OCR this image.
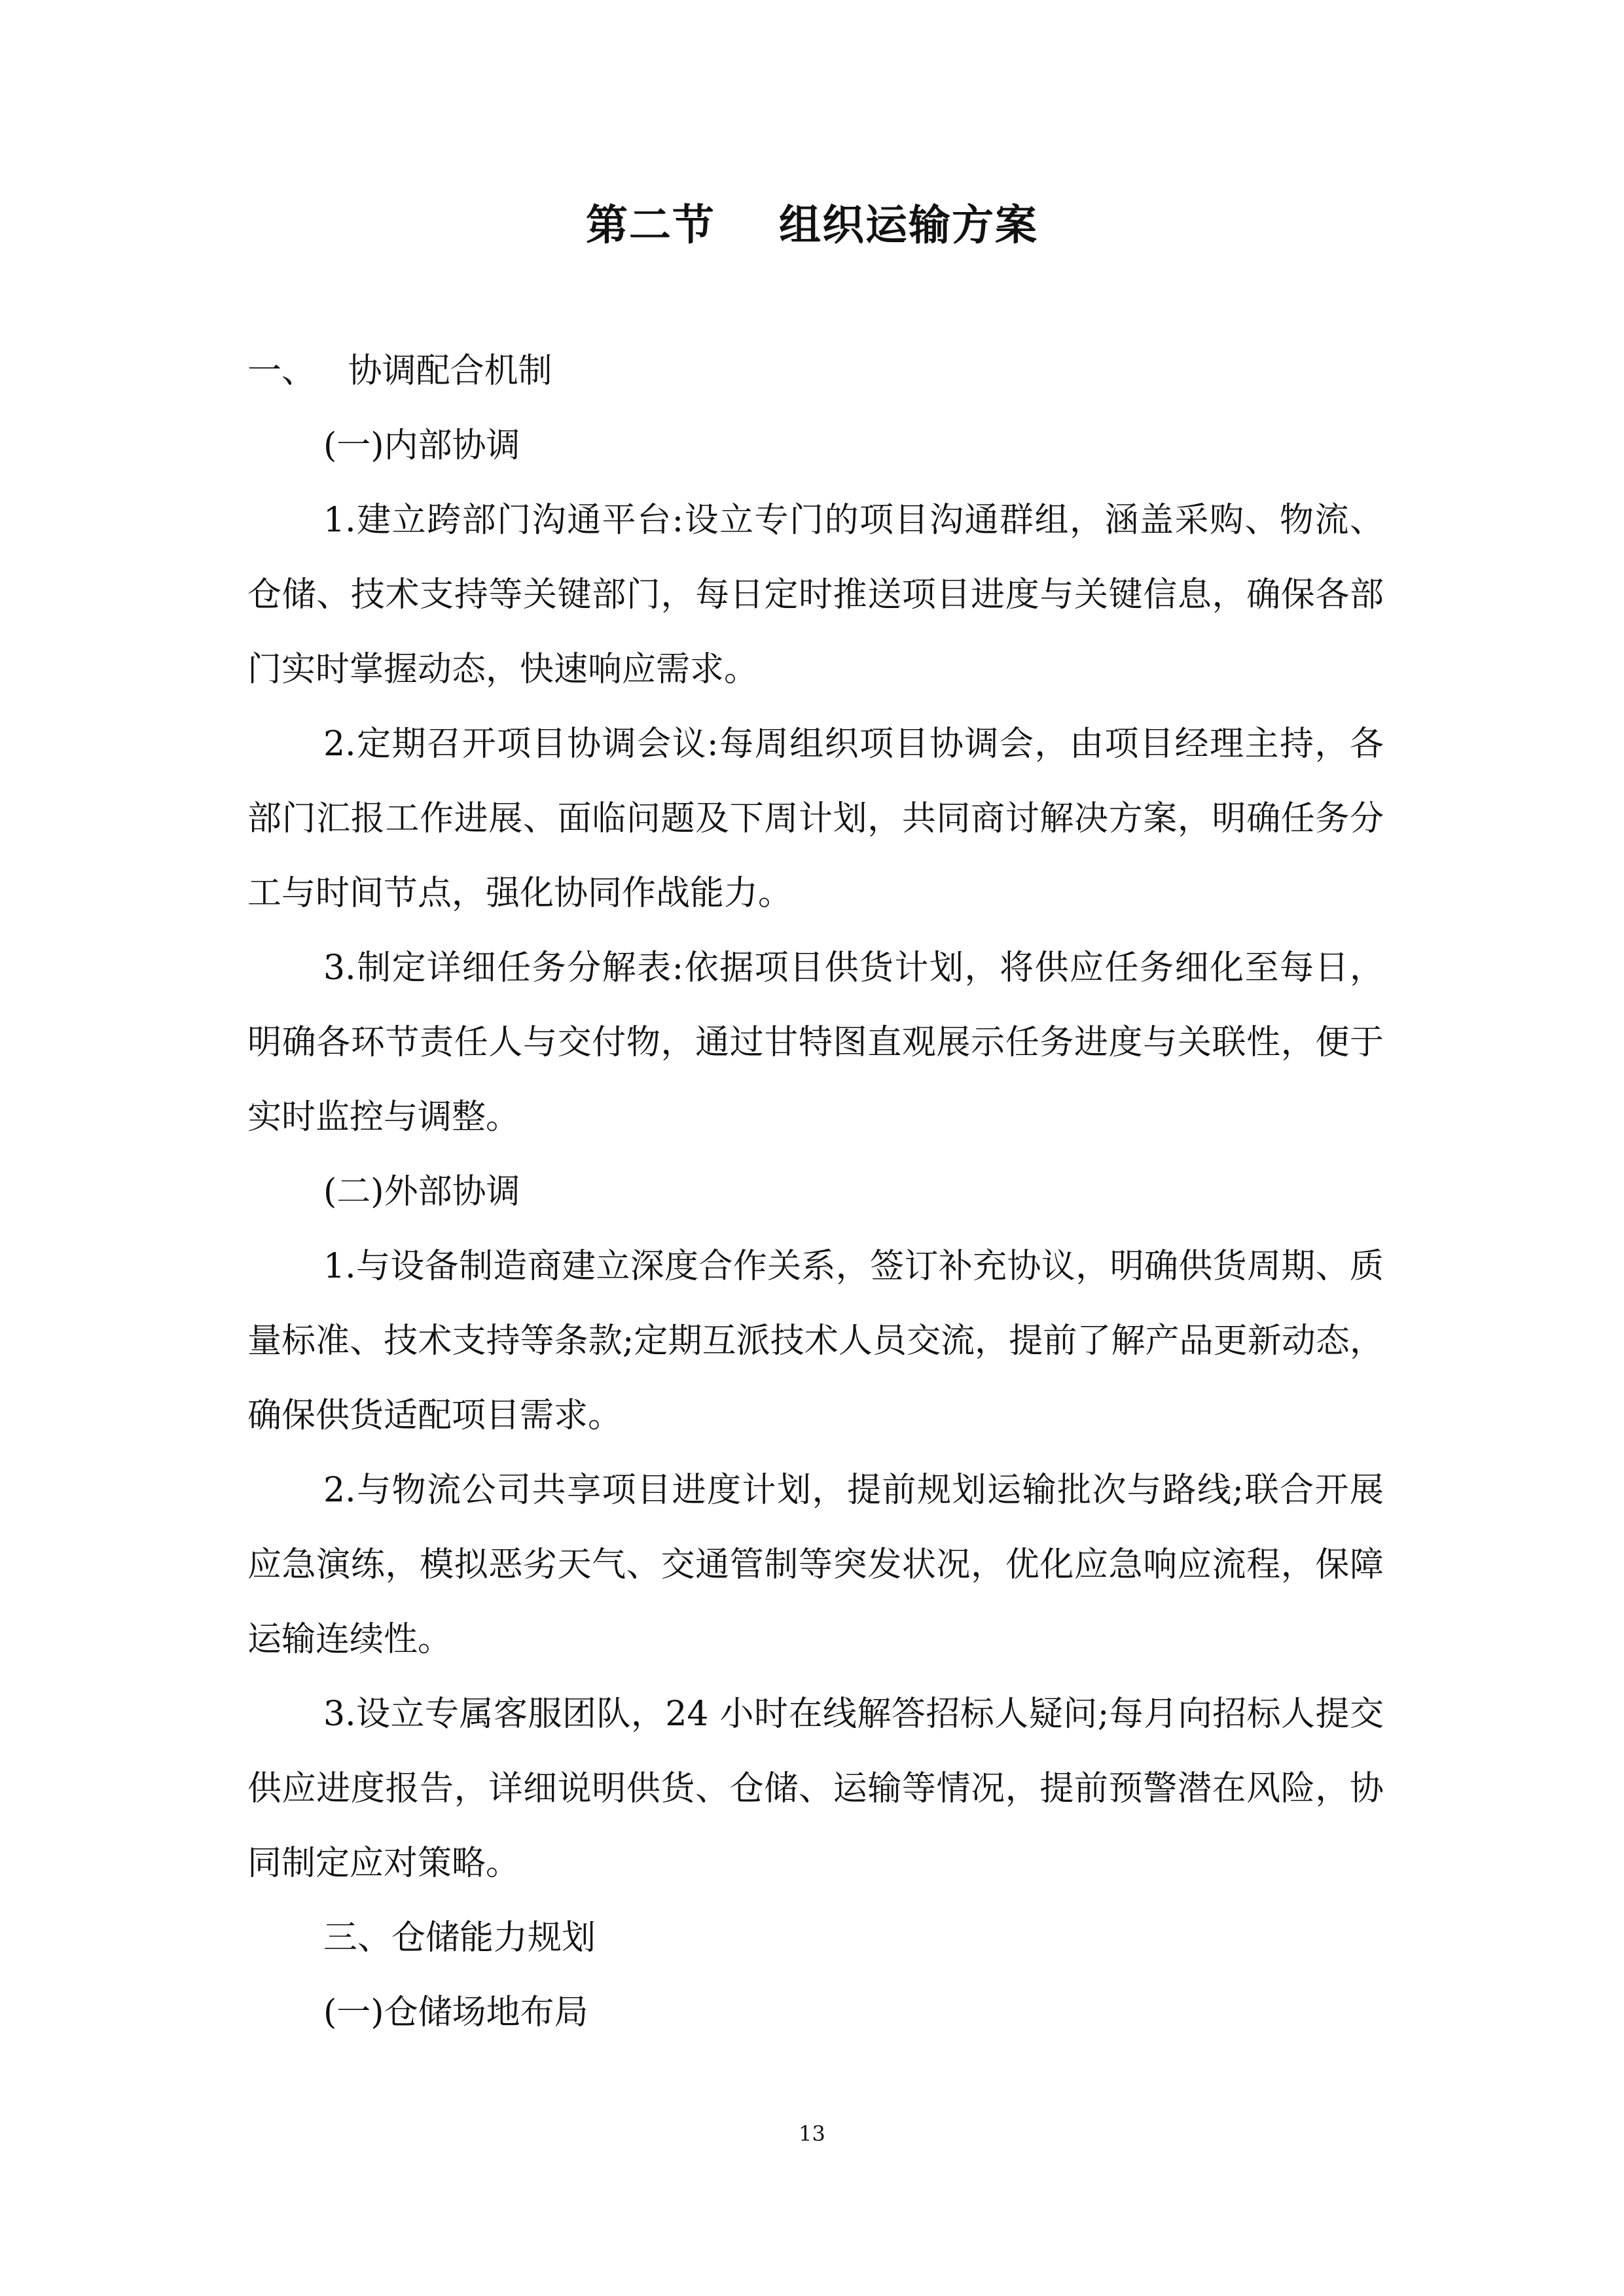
第二节    组织运输方案

一、   协调配合机制

(一)内部协调

1.建立跨部门沟通平台:设立专门的项目沟通群组，涵盖采购、物流、仓储、技术支持等关键部门，每日定时推送项目进度与关键信息，确保各部门实时掌握动态，快速响应需求。

2.定期召开项目协调会议:每周组织项目协调会，由项目经理主持，各部门汇报工作进展、面临问题及下周计划，共同商讨解决方案，明确任务分工与时间节点，强化协同作战能力。

3.制定详细任务分解表:依据项目供货计划，将供应任务细化至每日，明确各环节责任人与交付物，通过甘特图直观展示任务进度与关联性，便于实时监控与调整。

(二)外部协调

1.与设备制造商建立深度合作关系，签订补充协议，明确供货周期、质量标准、技术支持等条款;定期互派技术人员交流，提前了解产品更新动态，确保供货适配项目需求。

2.与物流公司共享项目进度计划，提前规划运输批次与路线;联合开展应急演练，模拟恶劣天气、交通管制等突发状况，优化应急响应流程，保障运输连续性。

3.设立专属客服团队，24 小时在线解答招标人疑问;每月向招标人提交供应进度报告，详细说明供货、仓储、运输等情况，提前预警潜在风险，协同制定应对策略。

三、仓储能力规划

(一)仓储场地布局

13
